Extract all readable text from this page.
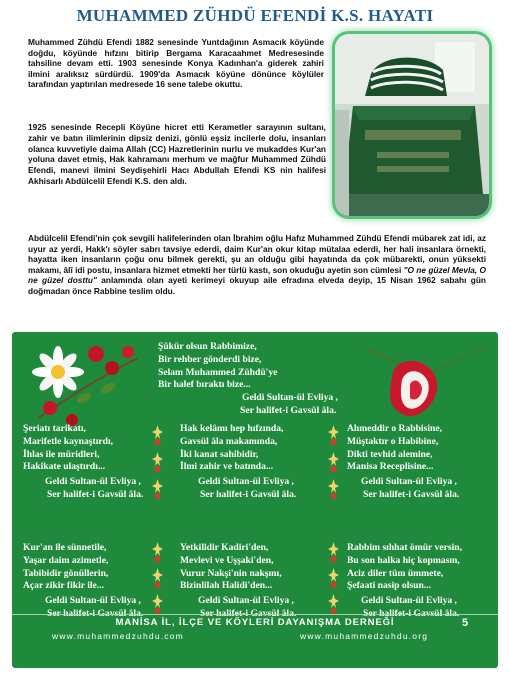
MUHAMMED ZÜHDÜ EFENDİ K.S. HAYATI

Muhammed Zühdü Efendi 1882 senesinde Yuntdağının Asmacık köyünde doğdu, köyünde hıfzını bitirip Bergama Karacaahmet Medresesinde tahsiline devam etti. 1903 senesinde Konya Kadınhan'a giderek zahiri ilmini aralıksız sürdürdü. 1909'da Asmacık köyüne dönünce köylüler tarafından yaptırılan medresede 16 sene talebe okuttu.

1925 senesinde Recepli Köyüne hicret etti Kerametler sarayının sultanı, zahir ve batın ilimlerinin dipsiz denizi, gönlü eşsiz incilerle dolu, insanları olanca kuvvetiyle daima Allah (CC) Hazretlerinin nurlu ve mukaddes Kur'an yoluna davet etmiş, Hak kahramanı merhum ve mağfur Muhammed Zühdü Efendi, manevi ilmini Seydişehirli Hacı Abdullah Efendi KS nin halifesi Akhisarlı Abdülcelil Efendi K.S. den aldı.

Abdülcelil Efendi'nin çok sevgili halifelerinden olan İbrahim oğlu Hafız Muhammed Zühdü Efendi mübarek zat idi, az uyur az yerdi, Hakk'ı söyler sabrı tavsiye ederdi, daim Kur'an okur kitap mütalaa ederdi, her hali insanlara örnekti, hayatta iken insanların çoğu onu bilmek gerekti, şu an olduğu gibi hayatında da çok mübarekti, onun yüksekti makamı, âlî idi postu, insanlara hizmet etmekti her türlü kastı, son okuduğu ayetin son cümlesi "O ne güzel Mevla, O ne güzel dosttu" anlamında olan ayeti kerimeyi okuyup aile efradına elveda deyip, 15 Nisan 1962 sabahı gün doğmadan önce Rabbine teslim oldu.

Şükür olsun Rabbimize,
Bir rehber gönderdi bize,
Selam Muhammed Zühdü'ye
Bir halef bıraktı bize...
Geldi Sultan-ül Evliya ,
Ser halifet-i Gavsül âla.
Şeriatı tarikatı,
Marifetle kaynaştırdı,
İhlas ile müridleri,
Hakikate ulaştırdı...
Geldi Sultan-ül Evliya ,
Ser halifet-i Gavsül âla.
Hak kelâmı hep hıfzında,
Gavsül âla makamında,
İki kanat sahibidir,
İlmi zahir ve batında...
Geldi Sultan-ül Evliya ,
Ser halifet-i Gavsül âla.
Ahmeddir o Rabbisine,
Müştaktır o Habibine,
Dikti tevhid alemine,
Manisa Receplisine...
Geldi Sultan-ül Evliya ,
Ser halifet-i Gavsül âla.
Kur'an ile sünnetile,
Yaşar daim azimetle,
Tabibidir gönüllerin,
Açar zikir fikir ile...
Geldi Sultan-ül Evliya ,
Yetkilidir Kadiri'den,
Mevlevi ve Uşşaki'den,
Vurur Nakşi'nin nakşını,
Bizinlilah Halidi'den...
Geldi Sultan-ül Evliya ,
Rabbim sıhhat ömür versin,
Bu son halka hiç kopmasın,
Aciz diler tüm ümmete,
Şefaati nasip olsun...
Geldi Sultan-ül Evliya ,
MANİSA İL, İLÇE VE KÖYLERİ DAYANIŞMA DERNEĞİ
www.muhammedzuhdu.com	www.muhammedzuhdu.org
5
